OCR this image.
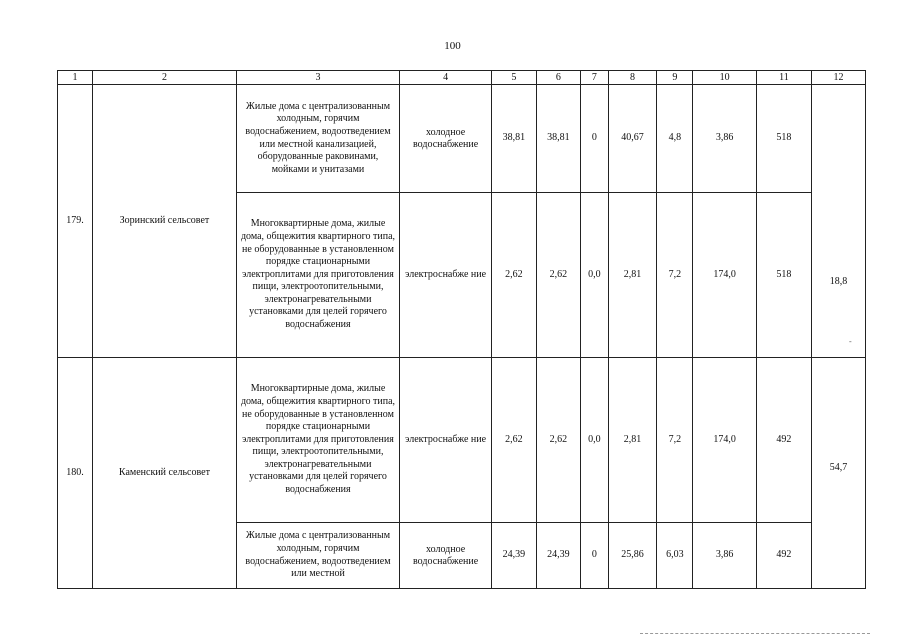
100
1	2	3	4	5	6	7	8	9	10	11	12
179.	Зоринский сельсовет	Жилые дома с централизованным холодным, горячим водоснабжением, водоотведением или местной канализацией, оборудованные раковинами, мойками и унитазами	холодное водоснабжение	38,81	38,81	0	40,67	4,8	3,86	518	18,8
		Многоквартирные дома, жилые дома, общежития квартирного типа, не оборудованные в установленном порядке стационарными электроплитами для приготовления пищи, электроотопительными, электронагревательными установками для целей горячего водоснабжения	электроснабже ние	2,62	2,62	0,0	2,81	7,2	174,0	518	
180.	Каменский сельсовет	Многоквартирные дома, жилые дома, общежития квартирного типа, не оборудованные в установленном порядке стационарными электроплитами для приготовления пищи, электроотопительными, электронагревательными установками для целей горячего водоснабжения	электроснабже ние	2,62	2,62	0,0	2,81	7,2	174,0	492	54,7
		Жилые дома с централизованным холодным, горячим водоснабжением, водоотведением или местной	холодное водоснабжение	24,39	24,39	0	25,86	6,03	3,86	492	
-
